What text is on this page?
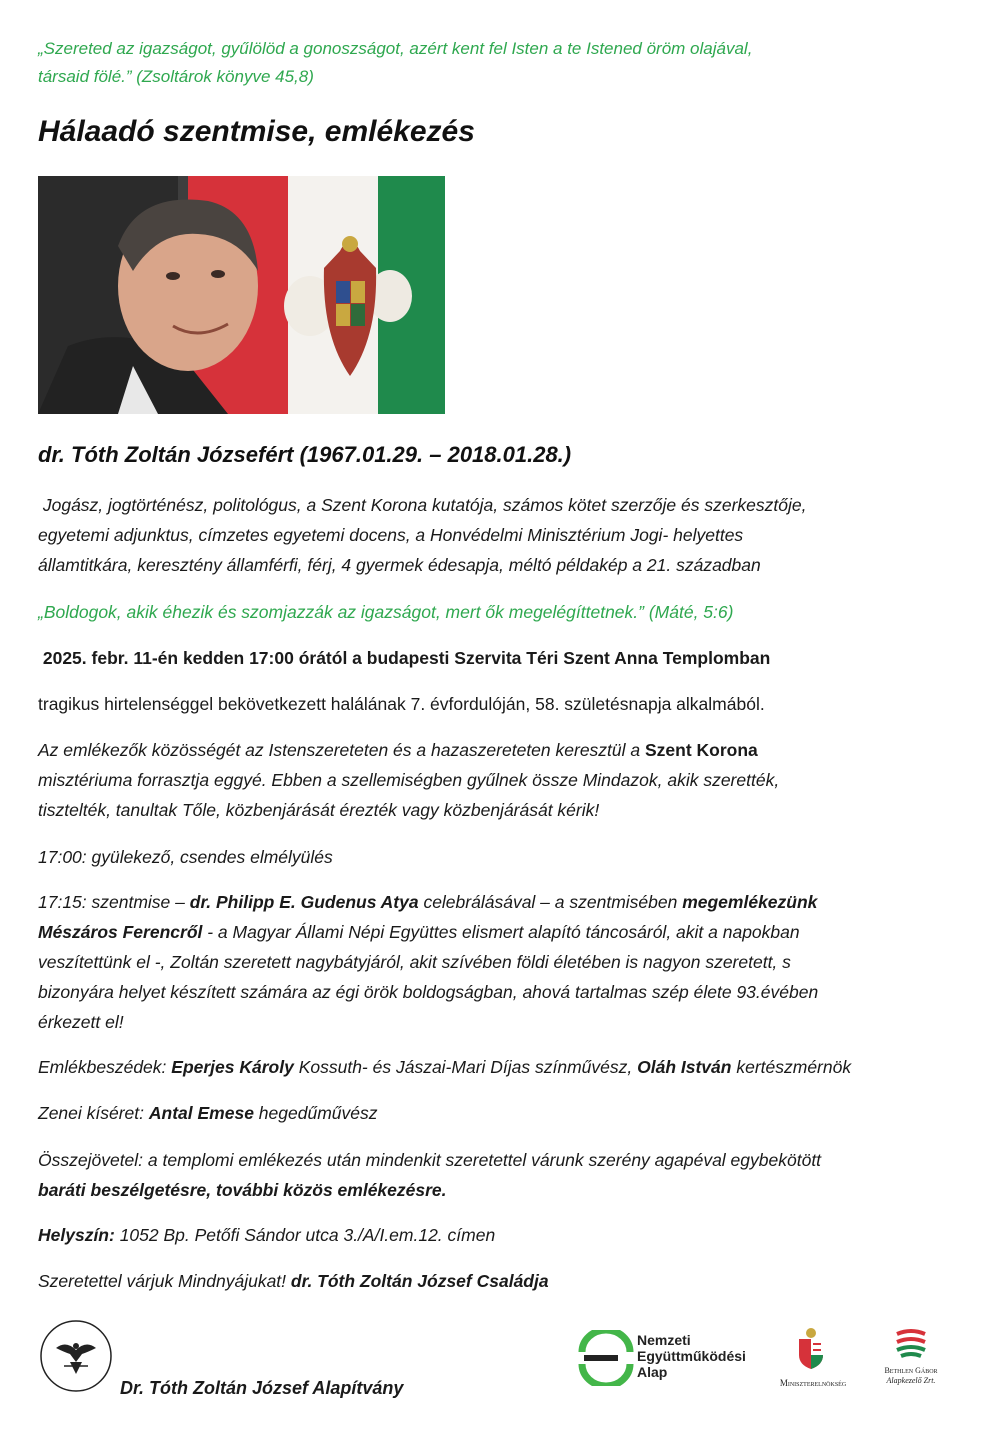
„Szereted az igazságot, gyűlölöd a gonoszságot, azért kent fel Isten a te Istened öröm olajával,
társaid fölé.” (Zsoltárok könyve 45,8)
Hálaadó szentmise, emlékezés
dr. Tóth Zoltán Józsefért (1967.01.29. – 2018.01.28.)
Jogász, jogtörténész, politológus, a Szent Korona kutatója, számos kötet szerzője és szerkesztője,
egyetemi adjunktus, címzetes egyetemi docens, a Honvédelmi Minisztérium Jogi- helyettes
államtitkára, keresztény államférfi, férj, 4 gyermek édesapja, méltó példakép a 21. században
„Boldogok, akik éhezik és szomjazzák az igazságot, mert ők megelégíttetnek.” (Máté, 5:6)
2025. febr. 11-én kedden 17:00 órától a budapesti Szervita Téri Szent Anna Templomban
tragikus hirtelenséggel bekövetkezett halálának 7. évfordulóján, 58. születésnapja alkalmából.
Az emlékezők közösségét az Istenszereteten és a hazaszereteten keresztül a Szent Korona
misztériuma forrasztja eggyé. Ebben a szellemiségben gyűlnek össze Mindazok, akik szerették,
tisztelték, tanultak Tőle, közbenjárását érezték vagy közbenjárását kérik!
17:00: gyülekező, csendes elmélyülés
17:15: szentmise – dr. Philipp E. Gudenus Atya celebrálásával – a szentmisében megemlékezünk
Mészáros Ferencről - a Magyar Állami Népi Együttes elismert alapító táncosáról, akit a napokban
veszítettünk el -, Zoltán szeretett nagybátyjáról, akit szívében földi életében is nagyon szeretett, s
bizonyára helyet készített számára az égi örök boldogságban, ahová tartalmas szép élete 93.évében
érkezett el!
Emlékbeszédek: Eperjes Károly Kossuth- és Jászai-Mari Díjas színművész, Oláh István kertészmérnök
Zenei kíséret: Antal Emese hegedűművész
Összejövetel: a templomi emlékezés után mindenkit szeretettel várunk szerény agapéval egybekötött
baráti beszélgetésre, további közös emlékezésre.
Helyszín: 1052 Bp. Petőfi Sándor utca 3./A/I.em.12. címen
Szeretettel várjuk Mindnyájukat! dr. Tóth Zoltán József Családja
Dr. Tóth Zoltán József Alapítvány
Nemzeti
Együttműködési
Alap
Miniszterelnökség
Bethlen Gábor
Alapkezelő Zrt.
